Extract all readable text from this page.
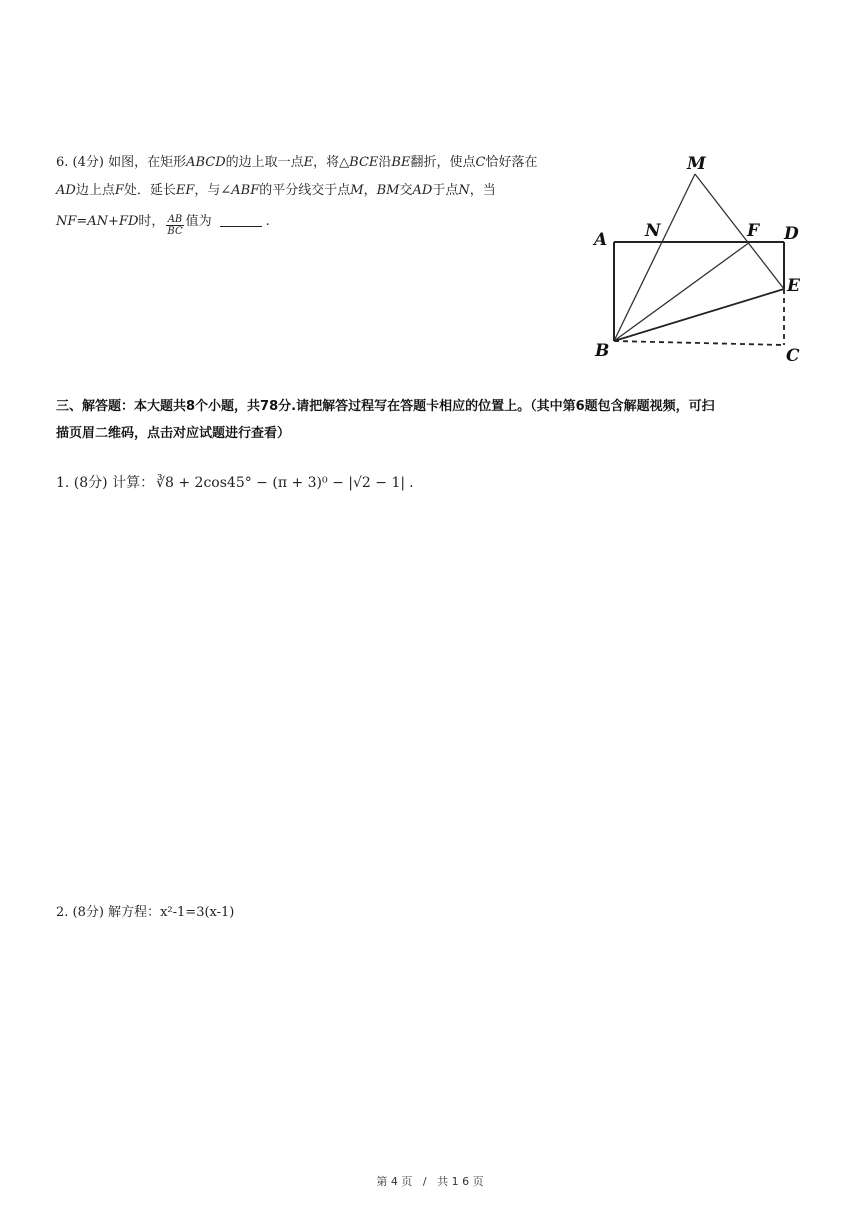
6. (4分) 如图，在矩形ABCD的边上取一点E，将△BCE沿BE翻折，使点C恰好落在
AD边上点F处．延长EF，与∠ABF的平分线交于点M，BM交AD于点N，当
NF=AN+FD时， $\frac{AB}{BC}$ 值为	.
M
A N	F D
E
B	C
三、解答题：本大题共8个小题，共78分.请把解答过程写在答题卡相应的位置上。（其中第6题包含解题视频，可扫
描页眉二维码，点击对应试题进行查看）
1. (8分) 计算： ∛8 + 2cos45° − (π + 3)⁰ − |√2 − 1| .
2. (8分) 解方程：x²-1=3(x-1)
第 4 页   /   共 1 6 页
